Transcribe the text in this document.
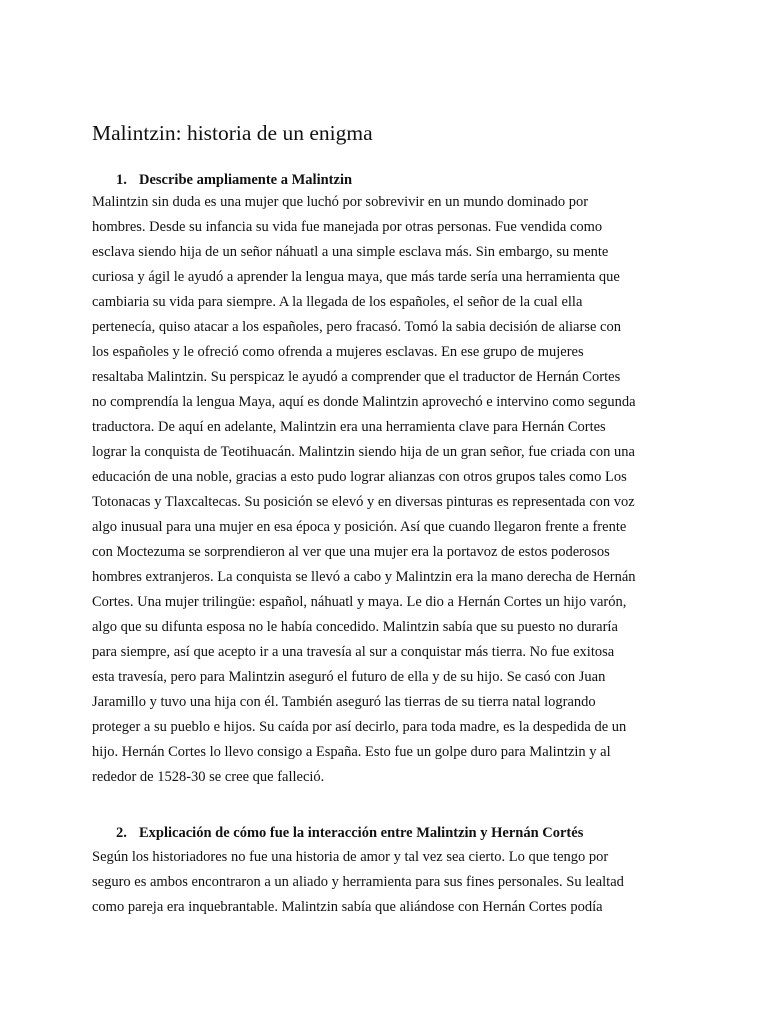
Malintzin: historia de un enigma
1. Describe ampliamente a Malintzin

Malintzin sin duda es una mujer que luchó por sobrevivir en un mundo dominado por

hombres. Desde su infancia su vida fue manejada por otras personas. Fue vendida como

esclava siendo hija de un señor náhuatl a una simple esclava más. Sin embargo, su mente

curiosa y ágil le ayudó a aprender la lengua maya, que más tarde sería una herramienta que

cambiaria su vida para siempre. A la llegada de los españoles, el señor de la cual ella

pertenecía, quiso atacar a los españoles, pero fracasó. Tomó la sabia decisión de aliarse con

los españoles y le ofreció como ofrenda a mujeres esclavas. En ese grupo de mujeres

resaltaba Malintzin. Su perspicaz le ayudó a comprender que el traductor de Hernán Cortes

no comprendía la lengua Maya, aquí es donde Malintzin aprovechó e intervino como segunda

traductora. De aquí en adelante, Malintzin era una herramienta clave para Hernán Cortes

lograr la conquista de Teotihuacán. Malintzin siendo hija de un gran señor, fue criada con una

educación de una noble, gracias a esto pudo lograr alianzas con otros grupos tales como Los

Totonacas y Tlaxcaltecas. Su posición se elevó y en diversas pinturas es representada con voz

algo inusual para una mujer en esa época y posición. Así que cuando llegaron frente a frente

con Moctezuma se sorprendieron al ver que una mujer era la portavoz de estos poderosos

hombres extranjeros. La conquista se llevó a cabo y Malintzin era la mano derecha de Hernán

Cortes. Una mujer trilingüe: español, náhuatl y maya. Le dio a Hernán Cortes un hijo varón,

algo que su difunta esposa no le había concedido. Malintzin sabía que su puesto no duraría

para siempre, así que acepto ir a una travesía al sur a conquistar más tierra. No fue exitosa

esta travesía, pero para Malintzin aseguró el futuro de ella y de su hijo. Se casó con Juan

Jaramillo y tuvo una hija con él. También aseguró las tierras de su tierra natal logrando

proteger a su pueblo e hijos. Su caída por así decirlo, para toda madre, es la despedida de un

hijo. Hernán Cortes lo llevo consigo a España. Esto fue un golpe duro para Malintzin y al

rededor de 1528-30 se cree que falleció.

2. Explicación de cómo fue la interacción entre Malintzin y Hernán Cortés

Según los historiadores no fue una historia de amor y tal vez sea cierto. Lo que tengo por

seguro es ambos encontraron a un aliado y herramienta para sus fines personales. Su lealtad

como pareja era inquebrantable. Malintzin sabía que aliándose con Hernán Cortes podía
